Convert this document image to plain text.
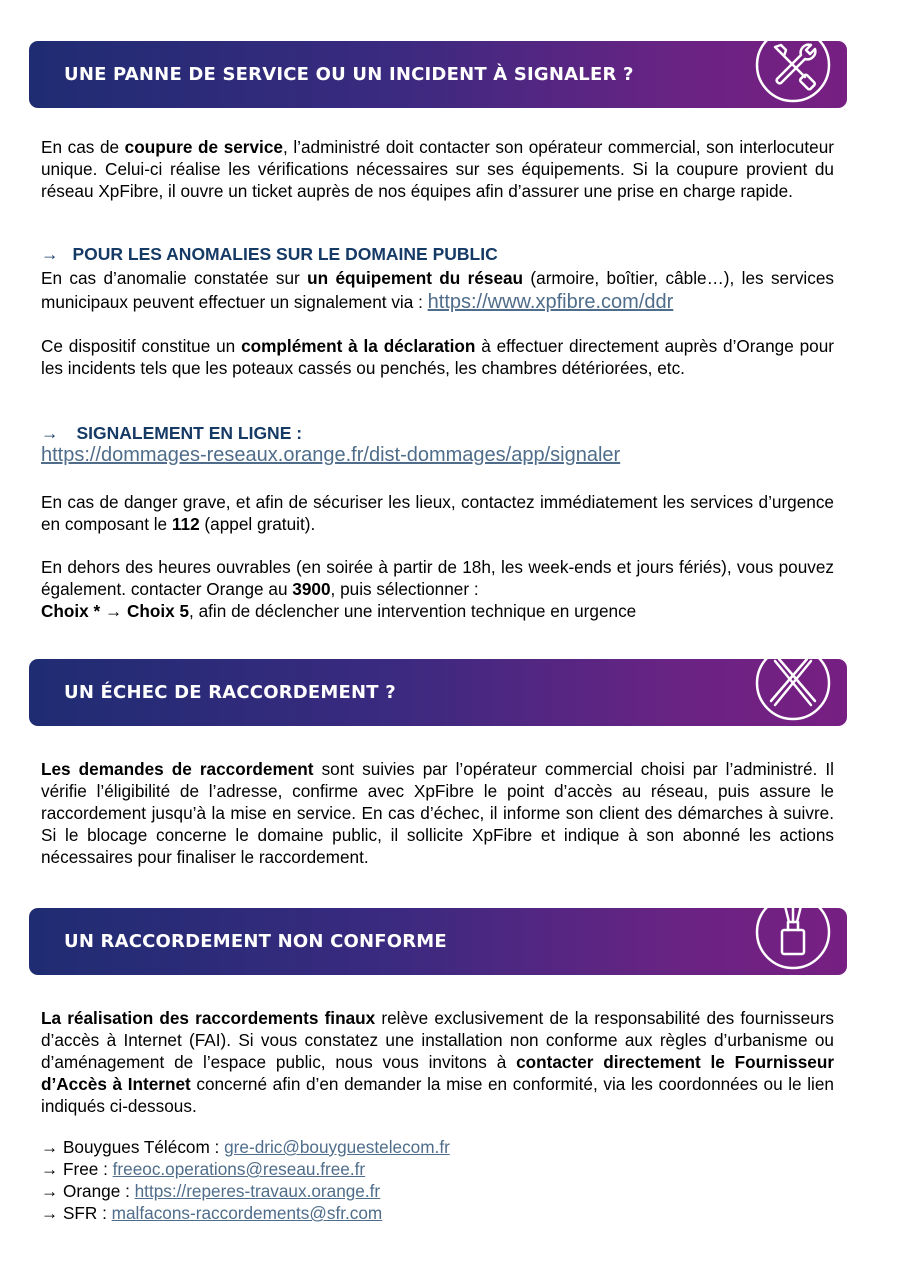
UNE PANNE DE SERVICE OU UN INCIDENT À SIGNALER ?
En cas de coupure de service, l’administré doit contacter son opérateur commercial, son interlocuteur unique. Celui-ci réalise les vérifications nécessaires sur ses équipements. Si la coupure provient du réseau XpFibre, il ouvre un ticket auprès de nos équipes afin d’assurer une prise en charge rapide.
→ POUR LES ANOMALIES SUR LE DOMAINE PUBLIC
En cas d’anomalie constatée sur un équipement du réseau (armoire, boîtier, câble…), les services municipaux peuvent effectuer un signalement via : https://www.xpfibre.com/ddr
Ce dispositif constitue un complément à la déclaration à effectuer directement auprès d’Orange pour les incidents tels que les poteaux cassés ou penchés, les chambres détériorées, etc.
→ SIGNALEMENT EN LIGNE :
https://dommages-reseaux.orange.fr/dist-dommages/app/signaler
En cas de danger grave, et afin de sécuriser les lieux, contactez immédiatement les services d’urgence en composant le 112 (appel gratuit).
En dehors des heures ouvrables (en soirée à partir de 18h, les week-ends et jours fériés), vous pouvez également. contacter Orange au 3900, puis sélectionner :
Choix * → Choix 5, afin de déclencher une intervention technique en urgence
UN ÉCHEC DE RACCORDEMENT ?
Les demandes de raccordement sont suivies par l’opérateur commercial choisi par l’administré. Il vérifie l’éligibilité de l’adresse, confirme avec XpFibre le point d’accès au réseau, puis assure le raccordement jusqu’à la mise en service. En cas d’échec, il informe son client des démarches à suivre. Si le blocage concerne le domaine public, il sollicite XpFibre et indique à son abonné les actions nécessaires pour finaliser le raccordement.
UN RACCORDEMENT NON CONFORME
La réalisation des raccordements finaux relève exclusivement de la responsabilité des fournisseurs d’accès à Internet (FAI). Si vous constatez une installation non conforme aux règles d’urbanisme ou d’aménagement de l’espace public, nous vous invitons à contacter directement le Fournisseur d’Accès à Internet concerné afin d’en demander la mise en conformité, via les coordonnées ou le lien indiqués ci-dessous.
→ Bouygues Télécom : gre-dric@bouyguestelecom.fr
→ Free : freeoc.operations@reseau.free.fr
→ Orange : https://reperes-travaux.orange.fr
→ SFR : malfacons-raccordements@sfr.com
